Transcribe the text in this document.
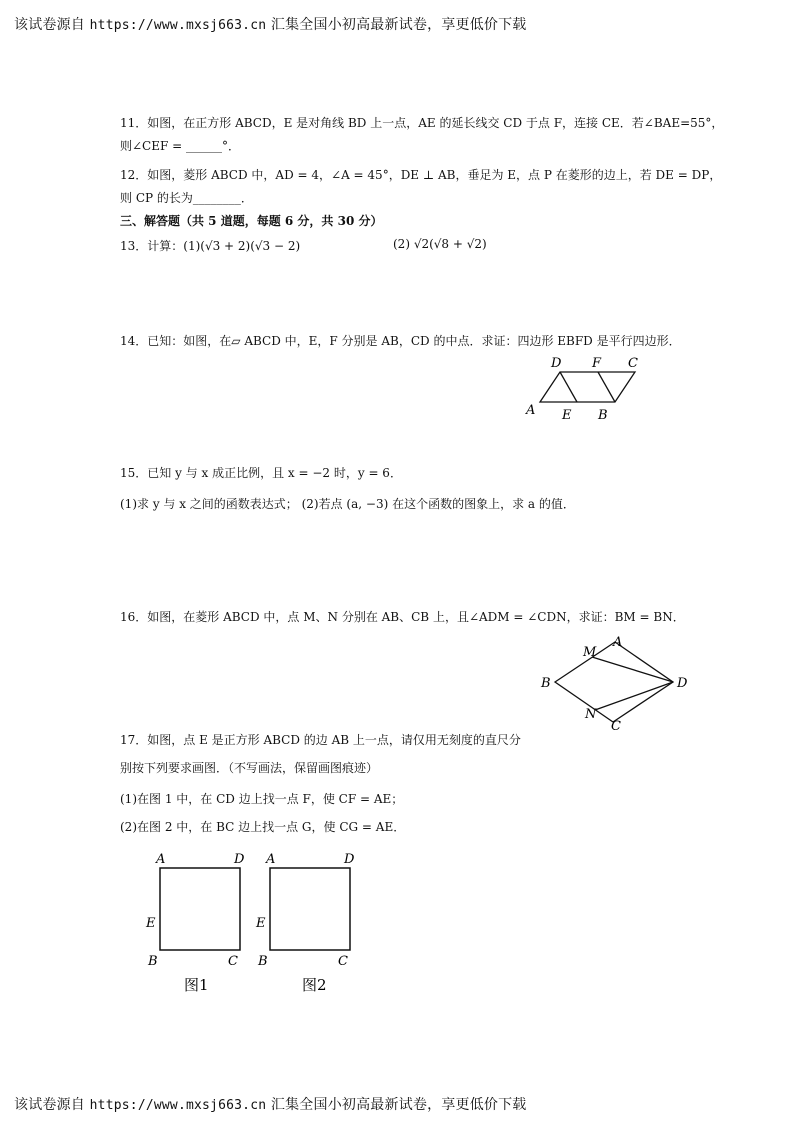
该试卷源自 https://www.mxsj663.cn 汇集全国小初高最新试卷，享更低价下载
11．如图，在正方形 ABCD，E 是对角线 BD 上一点，AE 的延长线交 CD 于点 F，连接 CE．若∠BAE=55°，
则∠CEF = ______°．
12．如图，菱形 ABCD 中，AD = 4，∠A = 45°，DE ⊥ AB，垂足为 E，点 P 在菱形的边上，若 DE = DP，
则 CP 的长为________．
三、解答题（共 5 道题，每题 6 分，共 30 分）
13．计算：(1)(√3 + 2)(√3 − 2)	(2) √2(√8 + √2)
14．已知：如图，在▱ ABCD 中，E，F 分别是 AB，CD 的中点．求证：四边形 EBFD 是平行四边形．
D F C
A E B
15．已知 y 与 x 成正比例，且 x = −2 时，y = 6．
(1)求 y 与 x 之间的函数表达式； (2)若点 (a, −3) 在这个函数的图象上，求 a 的值．
16．如图，在菱形 ABCD 中，点 M、N 分别在 AB、CB 上，且∠ADM = ∠CDN，求证：BM = BN．
A
M
B	D
N
C
17．如图，点 E 是正方形 ABCD 的边 AB 上一点，请仅用无刻度的直尺分
别按下列要求画图．（不写画法，保留画图痕迹）
(1)在图 1 中，在 CD 边上找一点 F，使 CF = AE；
(2)在图 2 中，在 BC 边上找一点 G，使 CG = AE．
A	D
E
B	C
图1
A	D
E
B	C
图2
该试卷源自 https://www.mxsj663.cn 汇集全国小初高最新试卷，享更低价下载
